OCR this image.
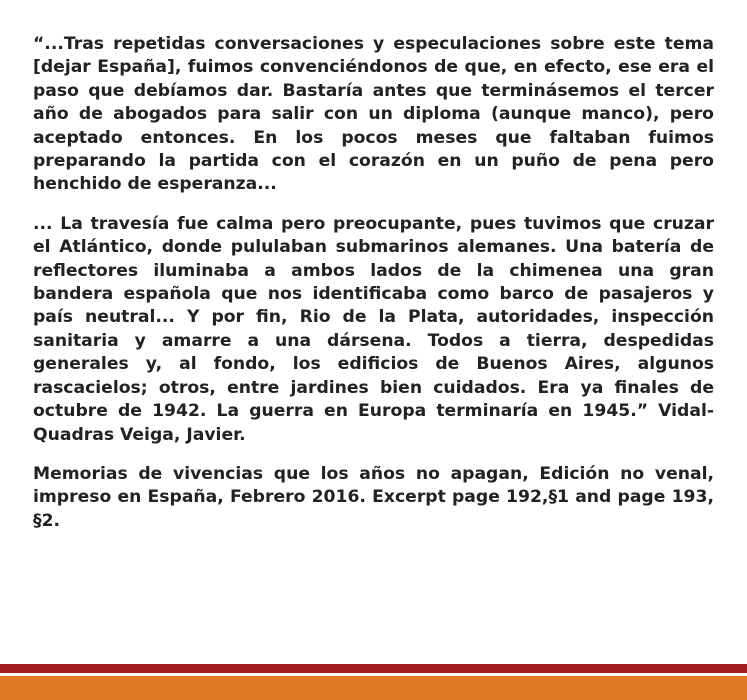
“...Tras repetidas conversaciones y especulaciones sobre este tema [dejar España], fuimos convenciéndonos de que, en efecto, ese era el paso que debíamos dar. Bastaría antes que terminásemos el tercer año de abogados para salir con un diploma (aunque manco), pero aceptado entonces. En los pocos meses que faltaban fuimos preparando la partida con el corazón en un puño de pena pero henchido de esperanza...

... La travesía fue calma pero preocupante, pues tuvimos que cruzar el Atlántico, donde pululaban submarinos alemanes. Una batería de reflectores iluminaba a ambos lados de la chimenea una gran bandera española que nos identificaba como barco de pasajeros y país neutral... Y por fin, Rio de la Plata, autoridades, inspección sanitaria y amarre a una dársena. Todos a tierra, despedidas generales y, al fondo, los edificios de Buenos Aires, algunos rascacielos; otros, entre jardines bien cuidados. Era ya finales de octubre de 1942. La guerra en Europa terminaría en 1945.” Vidal-Quadras Veiga, Javier.

Memorias de vivencias que los años no apagan, Edición no venal, impreso en España, Febrero 2016. Excerpt page 192,§1 and page 193, §2.
